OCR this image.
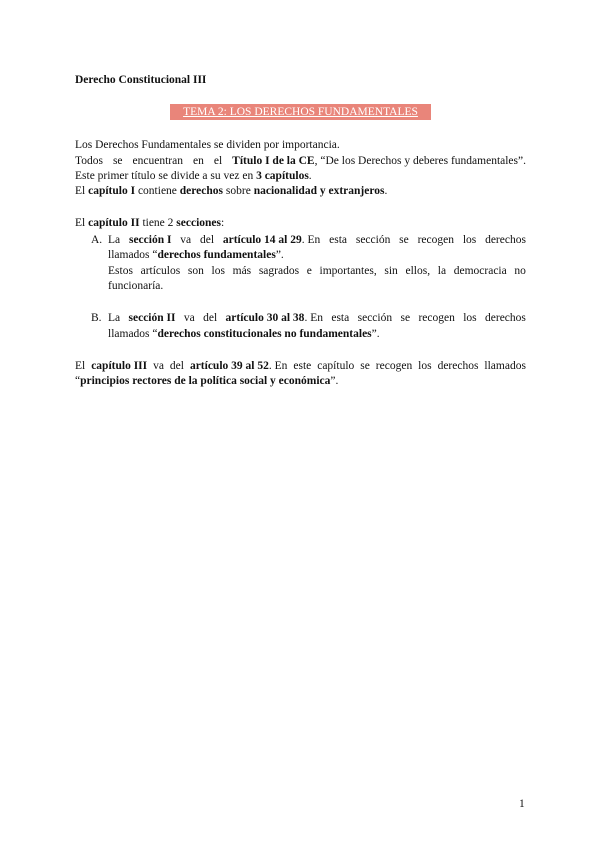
Derecho Constitucional III
TEMA 2: LOS DERECHOS FUNDAMENTALES
Los Derechos Fundamentales se dividen por importancia.
Todos se encuentran en el Título I de la CE, “De los Derechos y deberes fundamentales”.
Este primer título se divide a su vez en 3 capítulos.
El capítulo I contiene derechos sobre nacionalidad y extranjeros.
El capítulo II tiene 2 secciones:
A. La sección I va del artículo 14 al 29. En esta sección se recogen los derechos
llamados “derechos fundamentales”.
Estos artículos son los más sagrados e importantes, sin ellos, la democracia no
funcionaría.
B. La sección II va del artículo 30 al 38. En esta sección se recogen los derechos
llamados “derechos constitucionales no fundamentales”.
El capítulo III va del artículo 39 al 52. En este capítulo se recogen los derechos llamados
“principios rectores de la política social y económica”.
1
